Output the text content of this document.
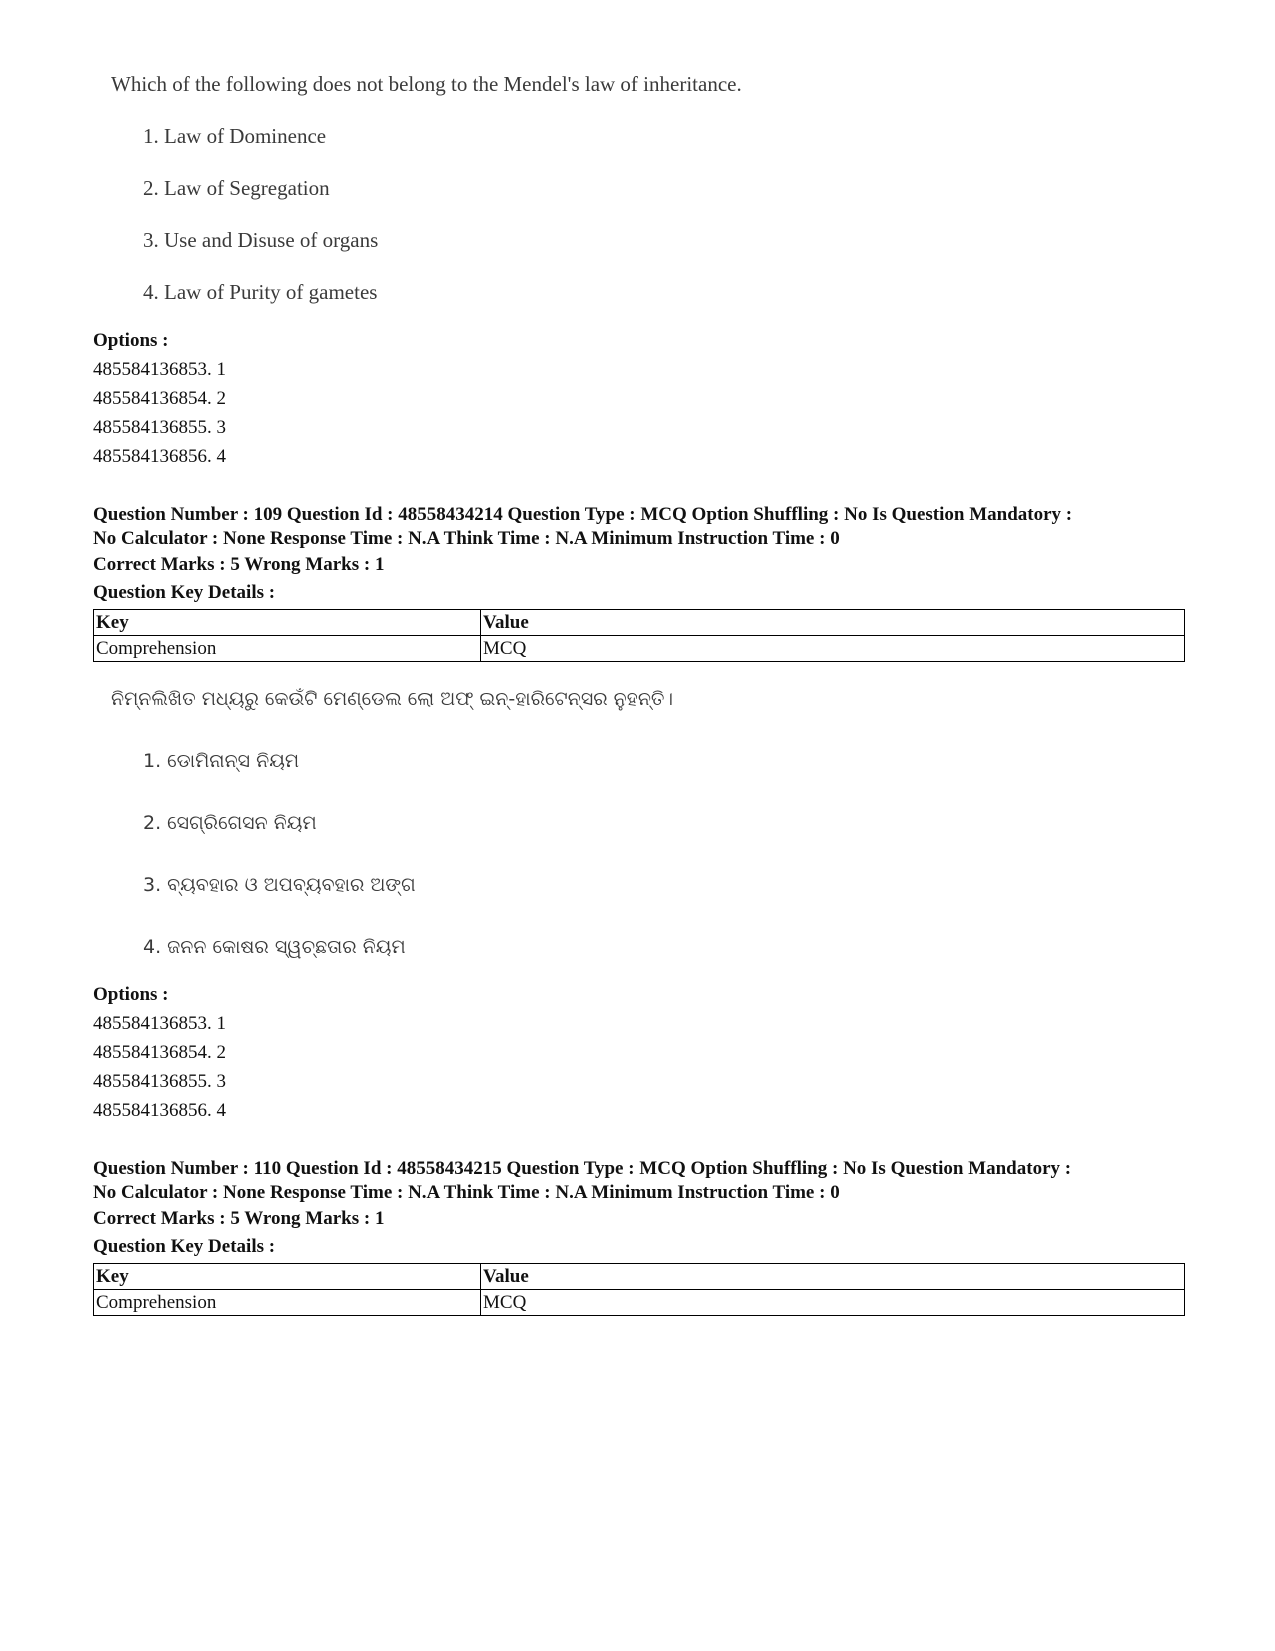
Which of the following does not belong to the Mendel's law of inheritance.

1. Law of Dominence
2. Law of Segregation
3. Use and Disuse of organs
4. Law of Purity of gametes
Options :
485584136853. 1
485584136854. 2
485584136855. 3
485584136856. 4
Question Number : 109 Question Id : 48558434214 Question Type : MCQ Option Shuffling : No Is Question Mandatory :
No Calculator : None Response Time : N.A Think Time : N.A Minimum Instruction Time : 0
Correct Marks : 5 Wrong Marks : 1
Question Key Details :
Key	Value
Comprehension	MCQ

ନିମ୍ନଲିଖିତ ମଧ୍ୟରୁ କେଉଁଟି ମେଣ୍ଡେଲ ଲୋ ଅଫ୍ ଇନ୍-ହାରିଟେନ୍ସର ନୁହନ୍ତି।

1. ଡୋମିନାନ୍ସ ନିୟମ
2. ସେଗ୍ରିଗେସନ ନିୟମ
3. ବ୍ୟବହାର ଓ ଅପବ୍ୟବହାର ଅଙ୍ଗ
4. ଜନନ କୋଷର ସ୍ୱଚ୍ଛତାର ନିୟମ
Options :
485584136853. 1
485584136854. 2
485584136855. 3
485584136856. 4
Question Number : 110 Question Id : 48558434215 Question Type : MCQ Option Shuffling : No Is Question Mandatory :
No Calculator : None Response Time : N.A Think Time : N.A Minimum Instruction Time : 0
Correct Marks : 5 Wrong Marks : 1
Question Key Details :
Key	Value
Comprehension	MCQ
